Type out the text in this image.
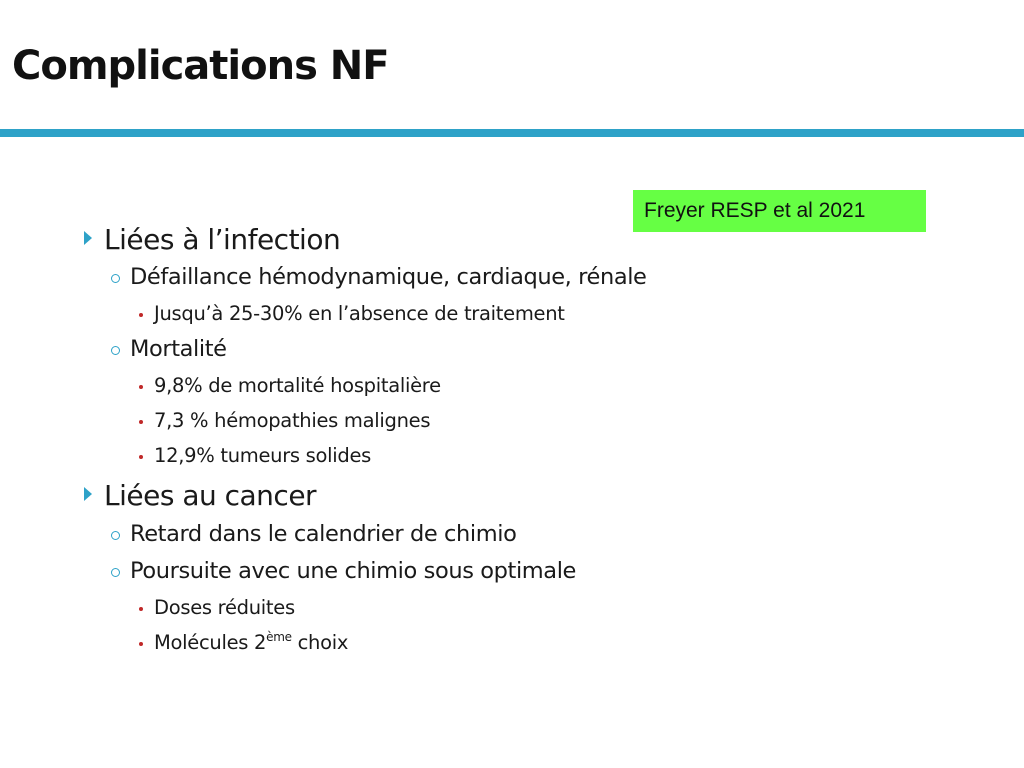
Complications NF
Freyer RESP et al 2021
Liées à l’infection
Défaillance hémodynamique, cardiaque, rénale
Jusqu’à 25-30% en l’absence de traitement
Mortalité
9,8% de mortalité hospitalière
7,3 % hémopathies malignes
12,9% tumeurs solides
Liées au cancer
Retard dans le calendrier de chimio
Poursuite avec une chimio sous optimale
Doses réduites
Molécules 2ème choix
